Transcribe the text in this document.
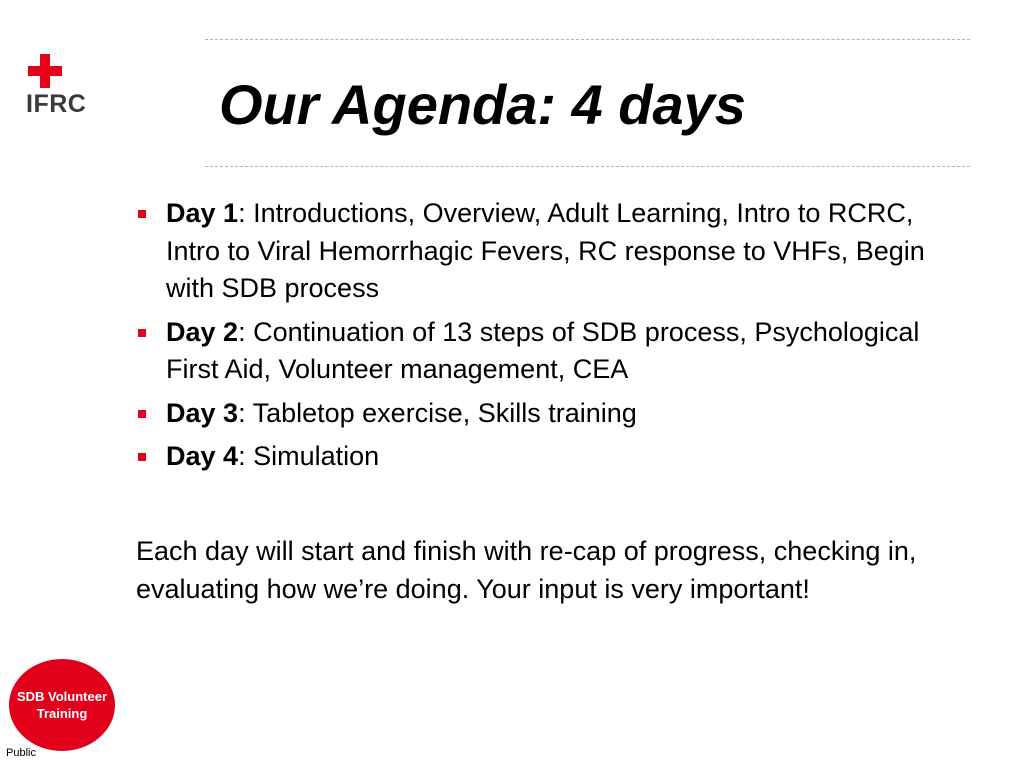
IFRC Our Agenda: 4 days
Day 1: Introductions, Overview, Adult Learning, Intro to RCRC, Intro to Viral Hemorrhagic Fevers, RC response to VHFs, Begin with SDB process
Day 2: Continuation of 13 steps of SDB process, Psychological First Aid, Volunteer management, CEA
Day 3: Tabletop exercise, Skills training
Day 4: Simulation

Each day will start and finish with re-cap of progress, checking in, evaluating how we’re doing. Your input is very important!

SDB Volunteer Training
Public
